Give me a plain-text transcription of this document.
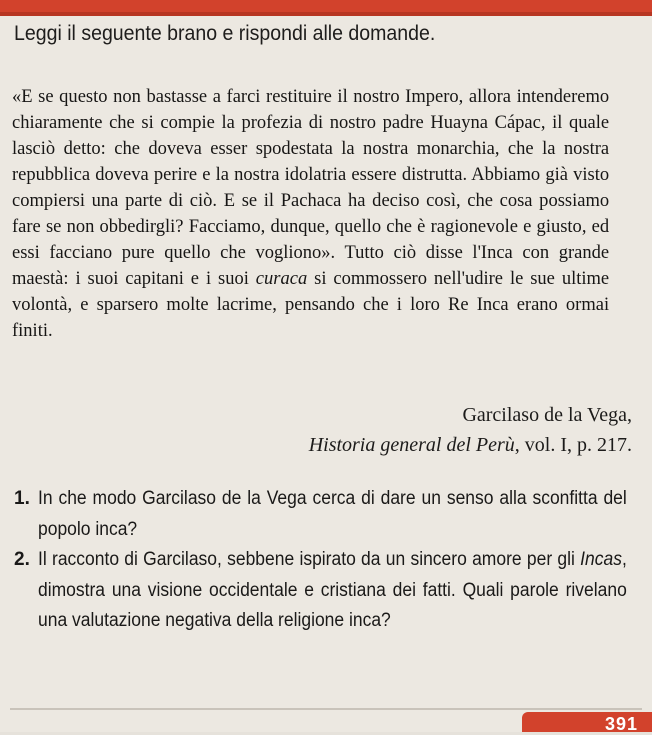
Leggi il seguente brano e rispondi alle domande.

«E se questo non bastasse a farci restituire il nostro Impero, allora intenderemo chiaramente che si compie la profezia di nostro padre Huayna Cápac, il quale lasciò detto: che doveva esser spodestata la nostra monarchia, che la nostra repubblica doveva perire e la nostra idolatria essere distrutta. Abbiamo già visto compiersi una parte di ciò. E se il Pachaca ha deciso così, che cosa possiamo fare se non obbedirgli? Facciamo, dunque, quello che è ragionevole e giusto, ed essi facciano pure quello che vogliono». Tutto ciò disse l'Inca con grande maestà: i suoi capitani e i suoi curaca si commossero nell'udire le sue ultime volontà, e sparsero molte lacrime, pensando che i loro Re Inca erano ormai finiti.

Garcilaso de la Vega,
Historia general del Perù, vol. I, p. 217.
1. In che modo Garcilaso de la Vega cerca di dare un senso alla sconfitta del popolo inca?
2. Il racconto di Garcilaso, sebbene ispirato da un sincero amore per gli Incas, dimostra una visione occidentale e cristiana dei fatti. Quali parole rivelano una valutazione negativa della religione inca?
391
